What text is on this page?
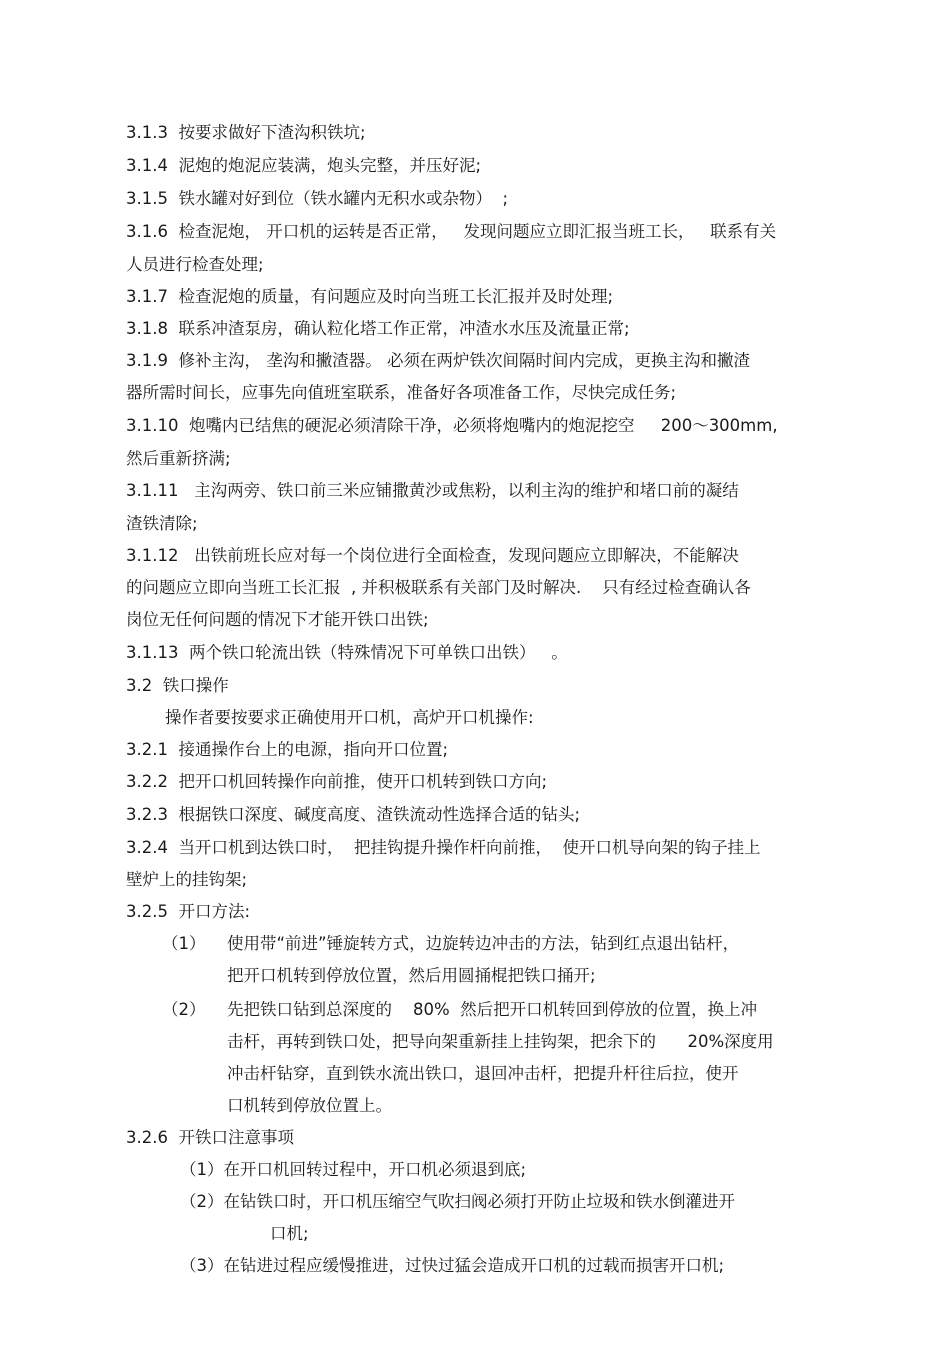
3.1.3  按要求做好下渣沟积铁坑;

3.1.4  泥炮的炮泥应装满，炮头完整，并压好泥;

3.1.5  铁水罐对好到位（铁水罐内无积水或杂物）  ;

3.1.6  检查泥炮， 开口机的运转是否正常，   发现问题应立即汇报当班工长，   联系有关

人员进行检查处理;

3.1.7  检查泥炮的质量，有问题应及时向当班工长汇报并及时处理;

3.1.8  联系冲渣泵房，确认粒化塔工作正常，冲渣水水压及流量正常;

3.1.9  修补主沟， 垄沟和撇渣器。 必须在两炉铁次间隔时间内完成，更换主沟和撇渣

器所需时间长，应事先向值班室联系，准备好各项准备工作，尽快完成任务;

3.1.10  炮嘴内已结焦的硬泥必须清除干净，必须将炮嘴内的炮泥挖空     200～300mm,

然后重新挤满;

3.1.11   主沟两旁、铁口前三米应铺撒黄沙或焦粉，以利主沟的维护和堵口前的凝结

渣铁清除;

3.1.12   出铁前班长应对每一个岗位进行全面检查，发现问题应立即解决，不能解决

的问题应立即向当班工长汇报  , 并积极联系有关部门及时解决.    只有经过检查确认各

岗位无任何问题的情况下才能开铁口出铁;

3.1.13  两个铁口轮流出铁（特殊情况下可单铁口出铁）   。

3.2  铁口操作

操作者要按要求正确使用开口机，高炉开口机操作:

3.2.1  接通操作台上的电源，指向开口位置;

3.2.2  把开口机回转操作向前推，使开口机转到铁口方向;

3.2.3  根据铁口深度、碱度高度、渣铁流动性选择合适的钻头;

3.2.4  当开口机到达铁口时，  把挂钩提升操作杆向前推，  使开口机导向架的钩子挂上

壁炉上的挂钩架;

3.2.5  开口方法:

（1） 使用带“前进”锤旋转方式，边旋转边冲击的方法，钻到红点退出钻杆，

把开口机转到停放位置，然后用圆捅棍把铁口捅开;

（2） 先把铁口钻到总深度的    80%  然后把开口机转回到停放的位置，换上冲

击杆，再转到铁口处，把导向架重新挂上挂钩架，把余下的      20%深度用

冲击杆钻穿，直到铁水流出铁口，退回冲击杆，把提升杆往后拉，使开

口机转到停放位置上。

3.2.6  开铁口注意事项

（1）在开口机回转过程中，开口机必须退到底;

（2）在钻铁口时，开口机压缩空气吹扫阀必须打开防止垃圾和铁水倒灌进开

口机;

（3）在钻进过程应缓慢推进，过快过猛会造成开口机的过载而损害开口机;
